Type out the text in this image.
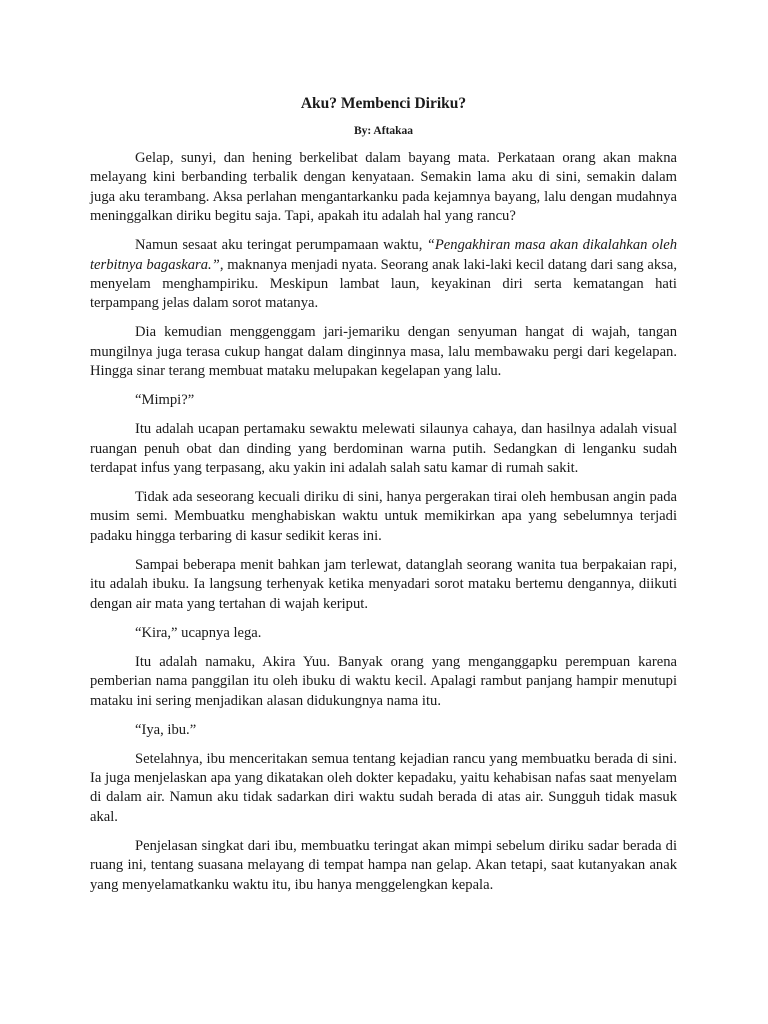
Aku? Membenci Diriku?
By: Aftakaa

Gelap, sunyi, dan hening berkelibat dalam bayang mata. Perkataan orang akan makna melayang kini berbanding terbalik dengan kenyataan. Semakin lama aku di sini, semakin dalam juga aku terambang. Aksa perlahan mengantarkanku pada kejamnya bayang, lalu dengan mudahnya meninggalkan diriku begitu saja. Tapi, apakah itu adalah hal yang rancu?

Namun sesaat aku teringat perumpamaan waktu, “Pengakhiran masa akan dikalahkan oleh terbitnya bagaskara.”, maknanya menjadi nyata. Seorang anak laki-laki kecil datang dari sang aksa, menyelam menghampiriku. Meskipun lambat laun, keyakinan diri serta kematangan hati terpampang jelas dalam sorot matanya.

Dia kemudian menggenggam jari-jemariku dengan senyuman hangat di wajah, tangan mungilnya juga terasa cukup hangat dalam dinginnya masa, lalu membawaku pergi dari kegelapan. Hingga sinar terang membuat mataku melupakan kegelapan yang lalu.

“Mimpi?”

Itu adalah ucapan pertamaku sewaktu melewati silaunya cahaya, dan hasilnya adalah visual ruangan penuh obat dan dinding yang berdominan warna putih. Sedangkan di lenganku sudah terdapat infus yang terpasang, aku yakin ini adalah salah satu kamar di rumah sakit.

Tidak ada seseorang kecuali diriku di sini, hanya pergerakan tirai oleh hembusan angin pada musim semi. Membuatku menghabiskan waktu untuk memikirkan apa yang sebelumnya terjadi padaku hingga terbaring di kasur sedikit keras ini.

Sampai beberapa menit bahkan jam terlewat, datanglah seorang wanita tua berpakaian rapi, itu adalah ibuku. Ia langsung terhenyak ketika menyadari sorot mataku bertemu dengannya, diikuti dengan air mata yang tertahan di wajah keriput.

“Kira,” ucapnya lega.

Itu adalah namaku, Akira Yuu. Banyak orang yang menganggapku perempuan karena pemberian nama panggilan itu oleh ibuku di waktu kecil. Apalagi rambut panjang hampir menutupi mataku ini sering menjadikan alasan didukungnya nama itu.

“Iya, ibu.”

Setelahnya, ibu menceritakan semua tentang kejadian rancu yang membuatku berada di sini. Ia juga menjelaskan apa yang dikatakan oleh dokter kepadaku, yaitu kehabisan nafas saat menyelam di dalam air. Namun aku tidak sadarkan diri waktu sudah berada di atas air. Sungguh tidak masuk akal.

Penjelasan singkat dari ibu, membuatku teringat akan mimpi sebelum diriku sadar berada di ruang ini, tentang suasana melayang di tempat hampa nan gelap. Akan tetapi, saat kutanyakan anak yang menyelamatkanku waktu itu, ibu hanya menggelengkan kepala.
